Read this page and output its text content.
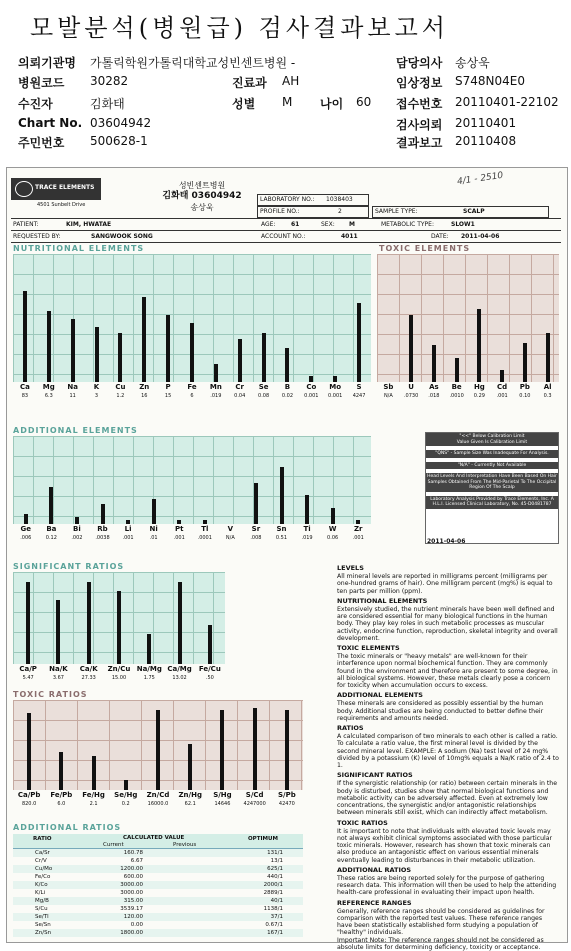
모발분석(병원급) 검사결과보고서
의뢰기관명 가톨릭학원가톨릭대학교성빈센트병원 -
병원코드 30282
수진자	김화태
Chart No. 03604942
주민번호 500628-1
진료과 AH
성별 M 나이 60
담당의사 송상욱
임상정보 S748N04E0
접수번호 20110401-22102
검사의뢰 20110401
결과보고 20110408
TRACE ELEMENTS
4501 Sunbelt Drive
성빈센트병원
김화태 03604942
송상욱
4/1 - 2510
LABORATORY NO.: 1038403
PROFILE NO.:	2	SAMPLE TYPE:	SCALP
PATIENT:	KIM, HWATAE	AGE:	61	SEX: M	METABOLIC TYPE:	SLOW1
REQUESTED BY:	SANGWOOK SONG	ACCOUNT NO.:	4011	DATE: 2011-04-06
NUTRITIONAL ELEMENTS
Ca
83
Mg
6.3
Na
11
K
3
Cu
1.2
Zn
16
P
15
Fe
6
Mn
.019
Cr
0.04
Se
0.08
B
0.02
Co
0.001
Mo
0.001
S
4247
TOXIC ELEMENTS
Sb
N/A
U
.0730
As
.018
Be
.0010
Hg
0.29
Cd
.001
Pb
0.10
Al
0.3
ADDITIONAL ELEMENTS
Ge
.006
Ba
0.12
Bi
.002
Rb
.0038
Li
.001
Ni
.01
Pt
.001
Tl
.0001
V
N/A
Sr
.008
Sn
0.51
Ti
.019
W
0.06
Zr
.001
"<<" Below Calibration Limit
Value Given Is Calibration Limit
"QNS" - Sample Size Was Inadequate For Analysis.
"N/A" - Currently Not Available
Head Levels And Interpretation Have Been Based On Hair Samples Obtained From The Mid-Parietal To The Occipital Region Of The Scalp
Laboratory Analysis Provided by Trace Elements, Inc. A H.L.I. Licensed Clinical Laboratory, No. 45-D0481787
2011-04-06
SIGNIFICANT RATIOS
Ca/P
5.47
Na/K
3.67
Ca/K
27.33
Zn/Cu
15.00
Na/Mg
1.75
Ca/Mg
13.02
Fe/Cu
.50
TOXIC RATIOS
Ca/Pb
820.0
Fe/Pb
6.0
Fe/Hg
2.1
Se/Hg
0.2
Zn/Cd
16000.0
Zn/Hg
62.1
S/Hg
14646
S/Cd
4247000
S/Pb
42470
ADDITIONAL RATIOS
RATIO	CALCULATED VALUE
Current	Previous
OPTIMUM
Ca/Sr	160.78	131/1
Cr/V	6.67	13/1
Cu/Mo	1200.00	625/1
Fe/Co	600.00	440/1
K/Co	3000.00	2000/1
K/Li	3000.00	2889/1
Mg/B	315.00	40/1
S/Cu	3539.17	1138/1
Se/Tl	120.00	37/1
Se/Sn	0.00	0.67/1
Zn/Sn	1800.00	167/1
LEVELS

All mineral levels are reported in milligrams percent (milligrams per one-hundred grams of hair). One milligram percent (mg%) is equal to ten parts per million (ppm).

NUTRITIONAL ELEMENTS

Extensively studied, the nutrient minerals have been well defined and are considered essential for many biological functions in the human body. They play key roles in such metabolic processes as muscular activity, endocrine function, reproduction, skeletal integrity and overall development.

TOXIC ELEMENTS

The toxic minerals or "heavy metals" are well-known for their interference upon normal biochemical function. They are commonly found in the environment and therefore are present to some degree, in all biological systems. However, these metals clearly pose a concern for toxicity when accumulation occurs to excess.

ADDITIONAL ELEMENTS

These minerals are considered as possibly essential by the human body. Additional studies are being conducted to better define their requirements and amounts needed.

RATIOS

A calculated comparison of two minerals to each other is called a ratio. To calculate a ratio value, the first mineral level is divided by the second mineral level. EXAMPLE: A sodium (Na) test level of 24 mg% divided by a potassium (K) level of 10mg% equals a Na/K ratio of 2.4 to 1.

SIGNIFICANT RATIOS

If the synergistic relationship (or ratio) between certain minerals in the body is disturbed, studies show that normal biological functions and metabolic activity can be adversely affected. Even at extremely low concentrations, the synergistic and/or antagonistic relationships between minerals still exist, which can indirectly affect metabolism.

TOXIC RATIOS

It is important to note that individuals with elevated toxic levels may not always exhibit clinical symptoms associated with those particular toxic minerals. However, research has shown that toxic minerals can also produce an antagonistic effect on various essential minerals eventually leading to disturbances in their metabolic utilization.

ADDITIONAL RATIOS

These ratios are being reported solely for the purpose of gathering research data. This information will then be used to help the attending health-care professional in evaluating their impact upon health.

REFERENCE RANGES

Generally, reference ranges should be considered as guidelines for comparison with the reported test values. These reference ranges have been statistically established form studying a population of "healthy" individuals.

Important Note: The reference ranges should not be considered as absolute limits for determining deficiency, toxicity or acceptance.
